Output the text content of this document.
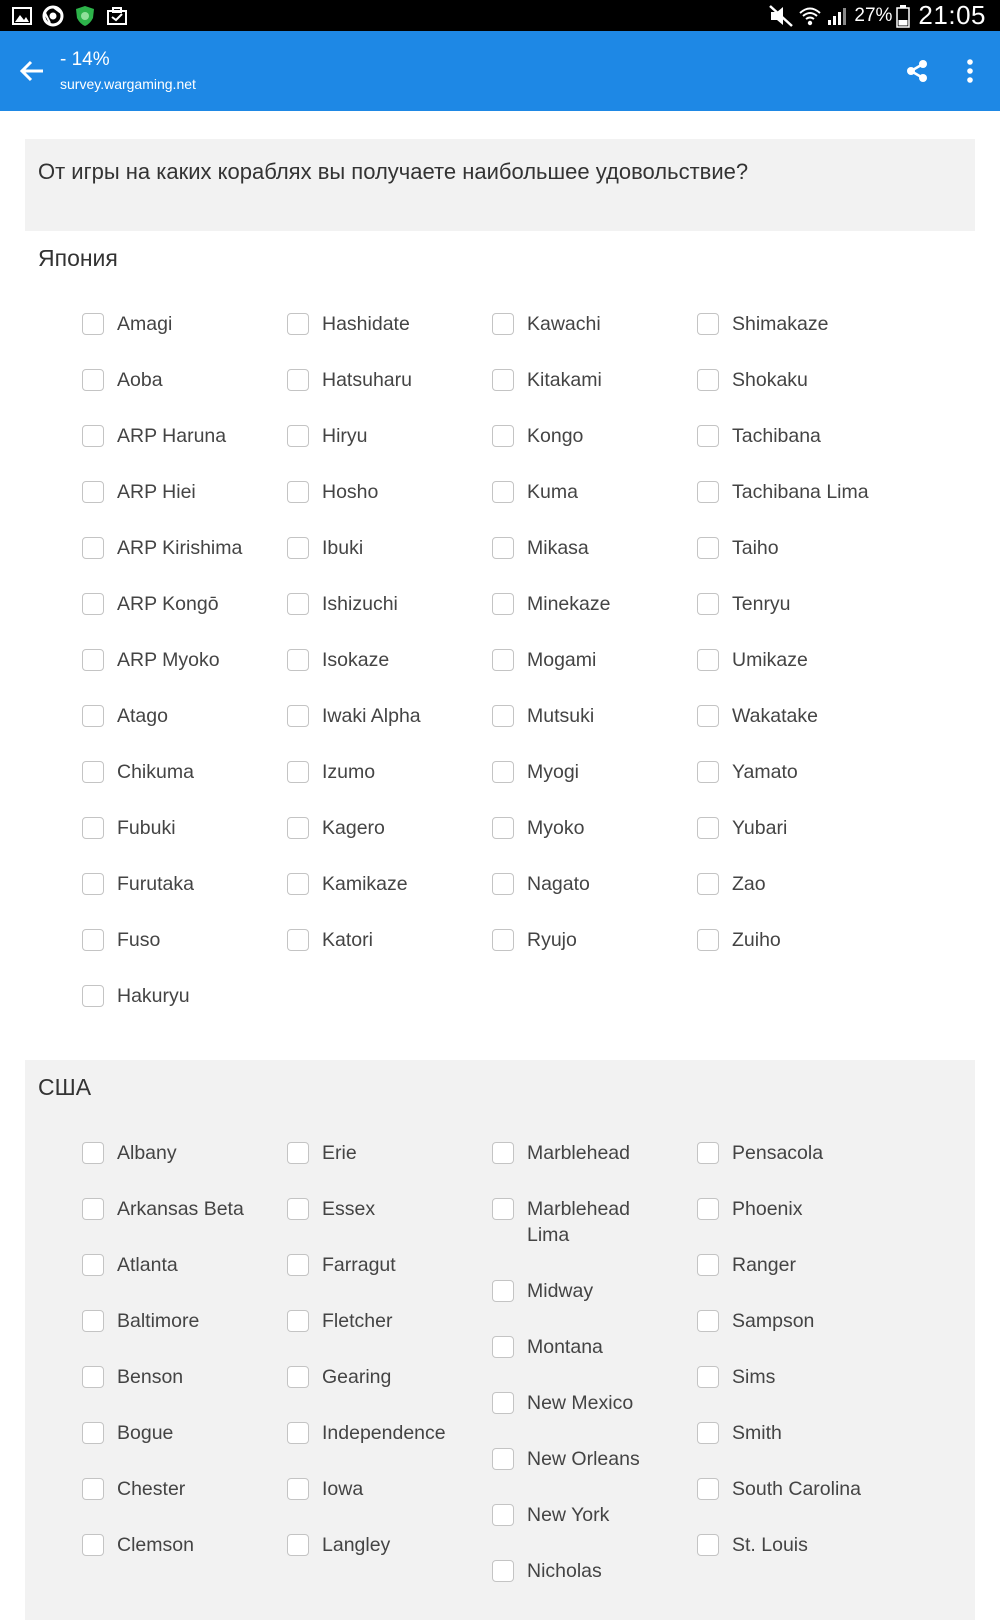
27% 21:05
- 14%
survey.wargaming.net
От игры на каких кораблях вы получаете наибольшее удовольствие?
Япония
Amagi
Aoba
ARP Haruna
ARP Hiei
ARP Kirishima
ARP Kongō
ARP Myoko
Atago
Chikuma
Fubuki
Furutaka
Fuso
Hakuryu
Hashidate
Hatsuharu
Hiryu
Hosho
Ibuki
Ishizuchi
Isokaze
Iwaki Alpha
Izumo
Kagero
Kamikaze
Katori
Kawachi
Kitakami
Kongo
Kuma
Mikasa
Minekaze
Mogami
Mutsuki
Myogi
Myoko
Nagato
Ryujo
Shimakaze
Shokaku
Tachibana
Tachibana Lima
Taiho
Tenryu
Umikaze
Wakatake
Yamato
Yubari
Zao
Zuiho
США
Albany
Arkansas Beta
Atlanta
Baltimore
Benson
Bogue
Chester
Clemson
Erie
Essex
Farragut
Fletcher
Gearing
Independence
Iowa
Langley
Marblehead
Marblehead Lima
Midway
Montana
New Mexico
New Orleans
New York
Nicholas
Pensacola
Phoenix
Ranger
Sampson
Sims
Smith
South Carolina
St. Louis
